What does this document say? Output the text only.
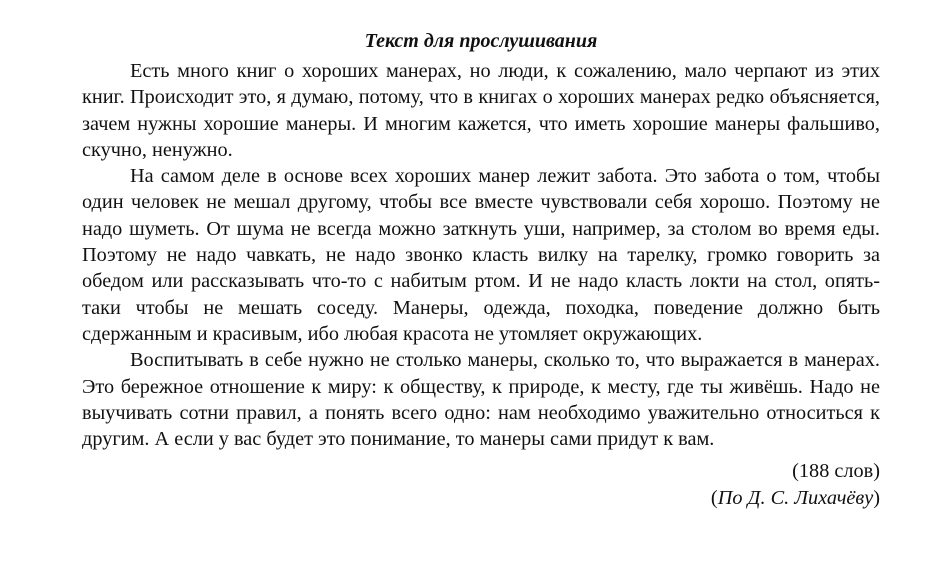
Текст для прослушивания

Есть много книг о хороших манерах, но люди, к сожалению, мало черпают из этих книг. Происходит это, я думаю, потому, что в книгах о хороших манерах редко объясняется, зачем нужны хорошие манеры. И многим кажется, что иметь хорошие манеры фальшиво, скучно, ненужно.

На самом деле в основе всех хороших манер лежит забота. Это забота о том, чтобы один человек не мешал другому, чтобы все вместе чувствовали себя хорошо. Поэтому не надо шуметь. От шума не всегда можно заткнуть уши, например, за столом во время еды. Поэтому не надо чавкать, не надо звонко класть вилку на тарелку, громко говорить за обедом или рассказывать что-то с набитым ртом. И не надо класть локти на стол, опять-таки чтобы не мешать соседу. Манеры, одежда, походка, поведение должно быть сдержанным и красивым, ибо любая красота не утомляет окружающих.

Воспитывать в себе нужно не столько манеры, сколько то, что выражается в манерах. Это бережное отношение к миру: к обществу, к природе, к месту, где ты живёшь. Надо не выучивать сотни правил, а понять всего одно: нам необходимо уважительно относиться к другим. А если у вас будет это понимание, то манеры сами придут к вам.

(188 слов)
(По Д. С. Лихачёву)
